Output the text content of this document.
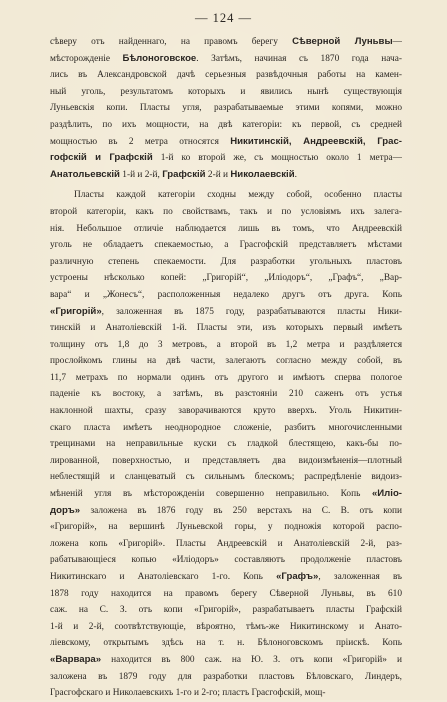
— 124 —
сѣверу отъ найденнаго, на правомъ берегу Сѣверной Луньвы—
мѣсторожденіе Бѣлоноговское. Затѣмъ, начиная съ 1870 года нача-
лись въ Александровской дачѣ серьезныя развѣдочныя работы на камен-
ный уголь, результатомъ которыхъ и явились нынѣ существующія
Луньевскія копи. Пласты угля, разрабатываемые этими копями, можно
раздѣлить, по ихъ мощности, на двѣ категоріи: къ первой, съ средней
мощностью въ 2 метра относятся Никитинскій, Андреевскій, Грас-
гофскій и Графскій 1-й ко второй же, съ мощностью около 1 метра—
Анатольевскій 1-й и 2-й, Графскій 2-й и Николаевскій.
Пласты каждой категоріи сходны между собой, особенно пласты
второй категоріи, какъ по свойствамъ, такъ и по условіямъ ихъ залега-
нія. Небольшое отличіе наблюдается лишь въ томъ, что Андреевскій
уголь не обладаетъ спекаемостью, а Грасгофскій представляетъ мѣстами
различную степень спекаемости. Для разработки угольныхъ пластовъ
устроены нѣсколько копей: „Григорій“, „Иліодоръ“, „Графъ“, „Вар-
вара“ и „Жонесъ“, расположенныя недалеко другъ отъ друга. Копь
«Григорій», заложенная въ 1875 году, разрабатываются пласты Ники-
тинскій и Анатоліевскій 1-й. Пласты эти, изъ которыхъ первый имѣетъ
толщину отъ 1,8 до 3 метровъ, а второй въ 1,2 метра и раздѣляется
прослойкомъ глины на двѣ части, залегаютъ согласно между собой, въ
11,7 метрахъ по нормали одинъ отъ другого и имѣютъ сперва пологое
паденіе къ востоку, а затѣмъ, въ разстояніи 210 саженъ отъ устья
наклонной шахты, сразу заворачиваются круто вверхъ. Уголь Никитин-
скаго пласта имѣетъ неоднородное сложеніе, разбитъ многочисленными
трещинами на неправильные куски съ гладкой блестящею, какъ-бы по-
лированной, поверхностью, и представляетъ два видоизмѣненія—плотный
неблестящій и сланцеватый съ сильнымъ блескомъ; распредѣленіе видоиз-
мѣненій угля въ мѣсторожденіи совершенно неправильно. Копь «Иліо-
доръ» заложена въ 1876 году въ 250 верстахъ на С. В. отъ копи
«Григорій», на вершинѣ Луньевской горы, у подножія которой распо-
ложена копь «Григорій». Пласты Андреевскій и Анатоліевскій 2-й, раз-
рабатывающіеся копью «Иліодоръ» составляютъ продолженіе пластовъ
Никитинскаго и Анатоліевскаго 1-го. Копь «Графъ», заложенная въ
1878 году находится на правомъ берегу Сѣверной Луньвы, въ 610
саж. на С. З. отъ копи «Григорій», разрабатываетъ пласты Графскій
1-й и 2-й, соотвѣтствующіе, вѣроятно, тѣмъ-же Никитинскому и Анато-
ліевскому, открытымъ здѣсь на т. н. Бѣлоноговскомъ пріискѣ. Копь
«Варвара» находится въ 800 саж. на Ю. З. отъ копи «Григорій» и
заложена въ 1879 году для разработки пластовъ Бѣловскаго, Линдеръ,
Грасгофскаго и Николаевскихъ 1-го и 2-го; пластъ Грасгофскій, мощ-
